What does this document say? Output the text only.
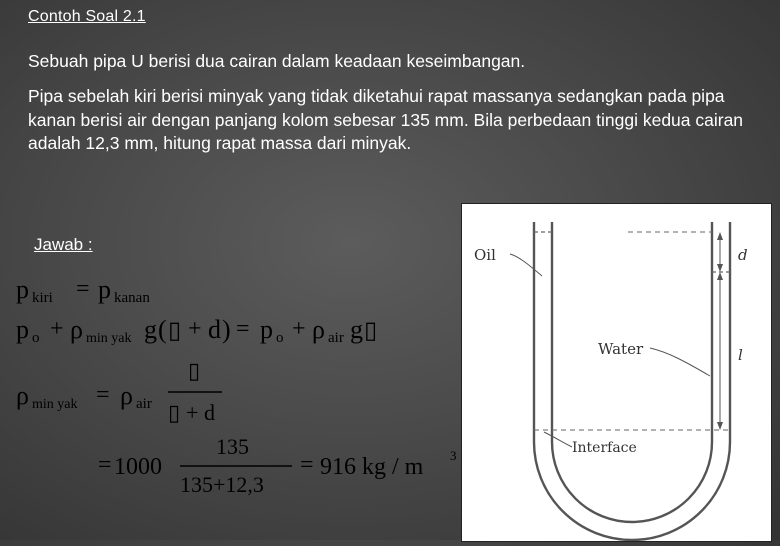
Contoh Soal 2.1
Sebuah pipa U berisi dua cairan dalam keadaan keseimbangan.
Pipa sebelah kiri berisi minyak yang tidak diketahui rapat massanya sedangkan pada pipa kanan berisi air dengan panjang kolom sebesar 135 mm. Bila perbedaan tinggi kedua cairan adalah 12,3 mm, hitung rapat massa dari minyak.
Jawab :
p kiri = p kanan
p o + ρ min yak g ( ▯ + d ) = p o + ρ air g ▯
ρ min yak = ρ air
▯
▯ + d
= 1000
135
135+12,3
= 916 kg / m 3
d
l
Oil
Water
Interface
